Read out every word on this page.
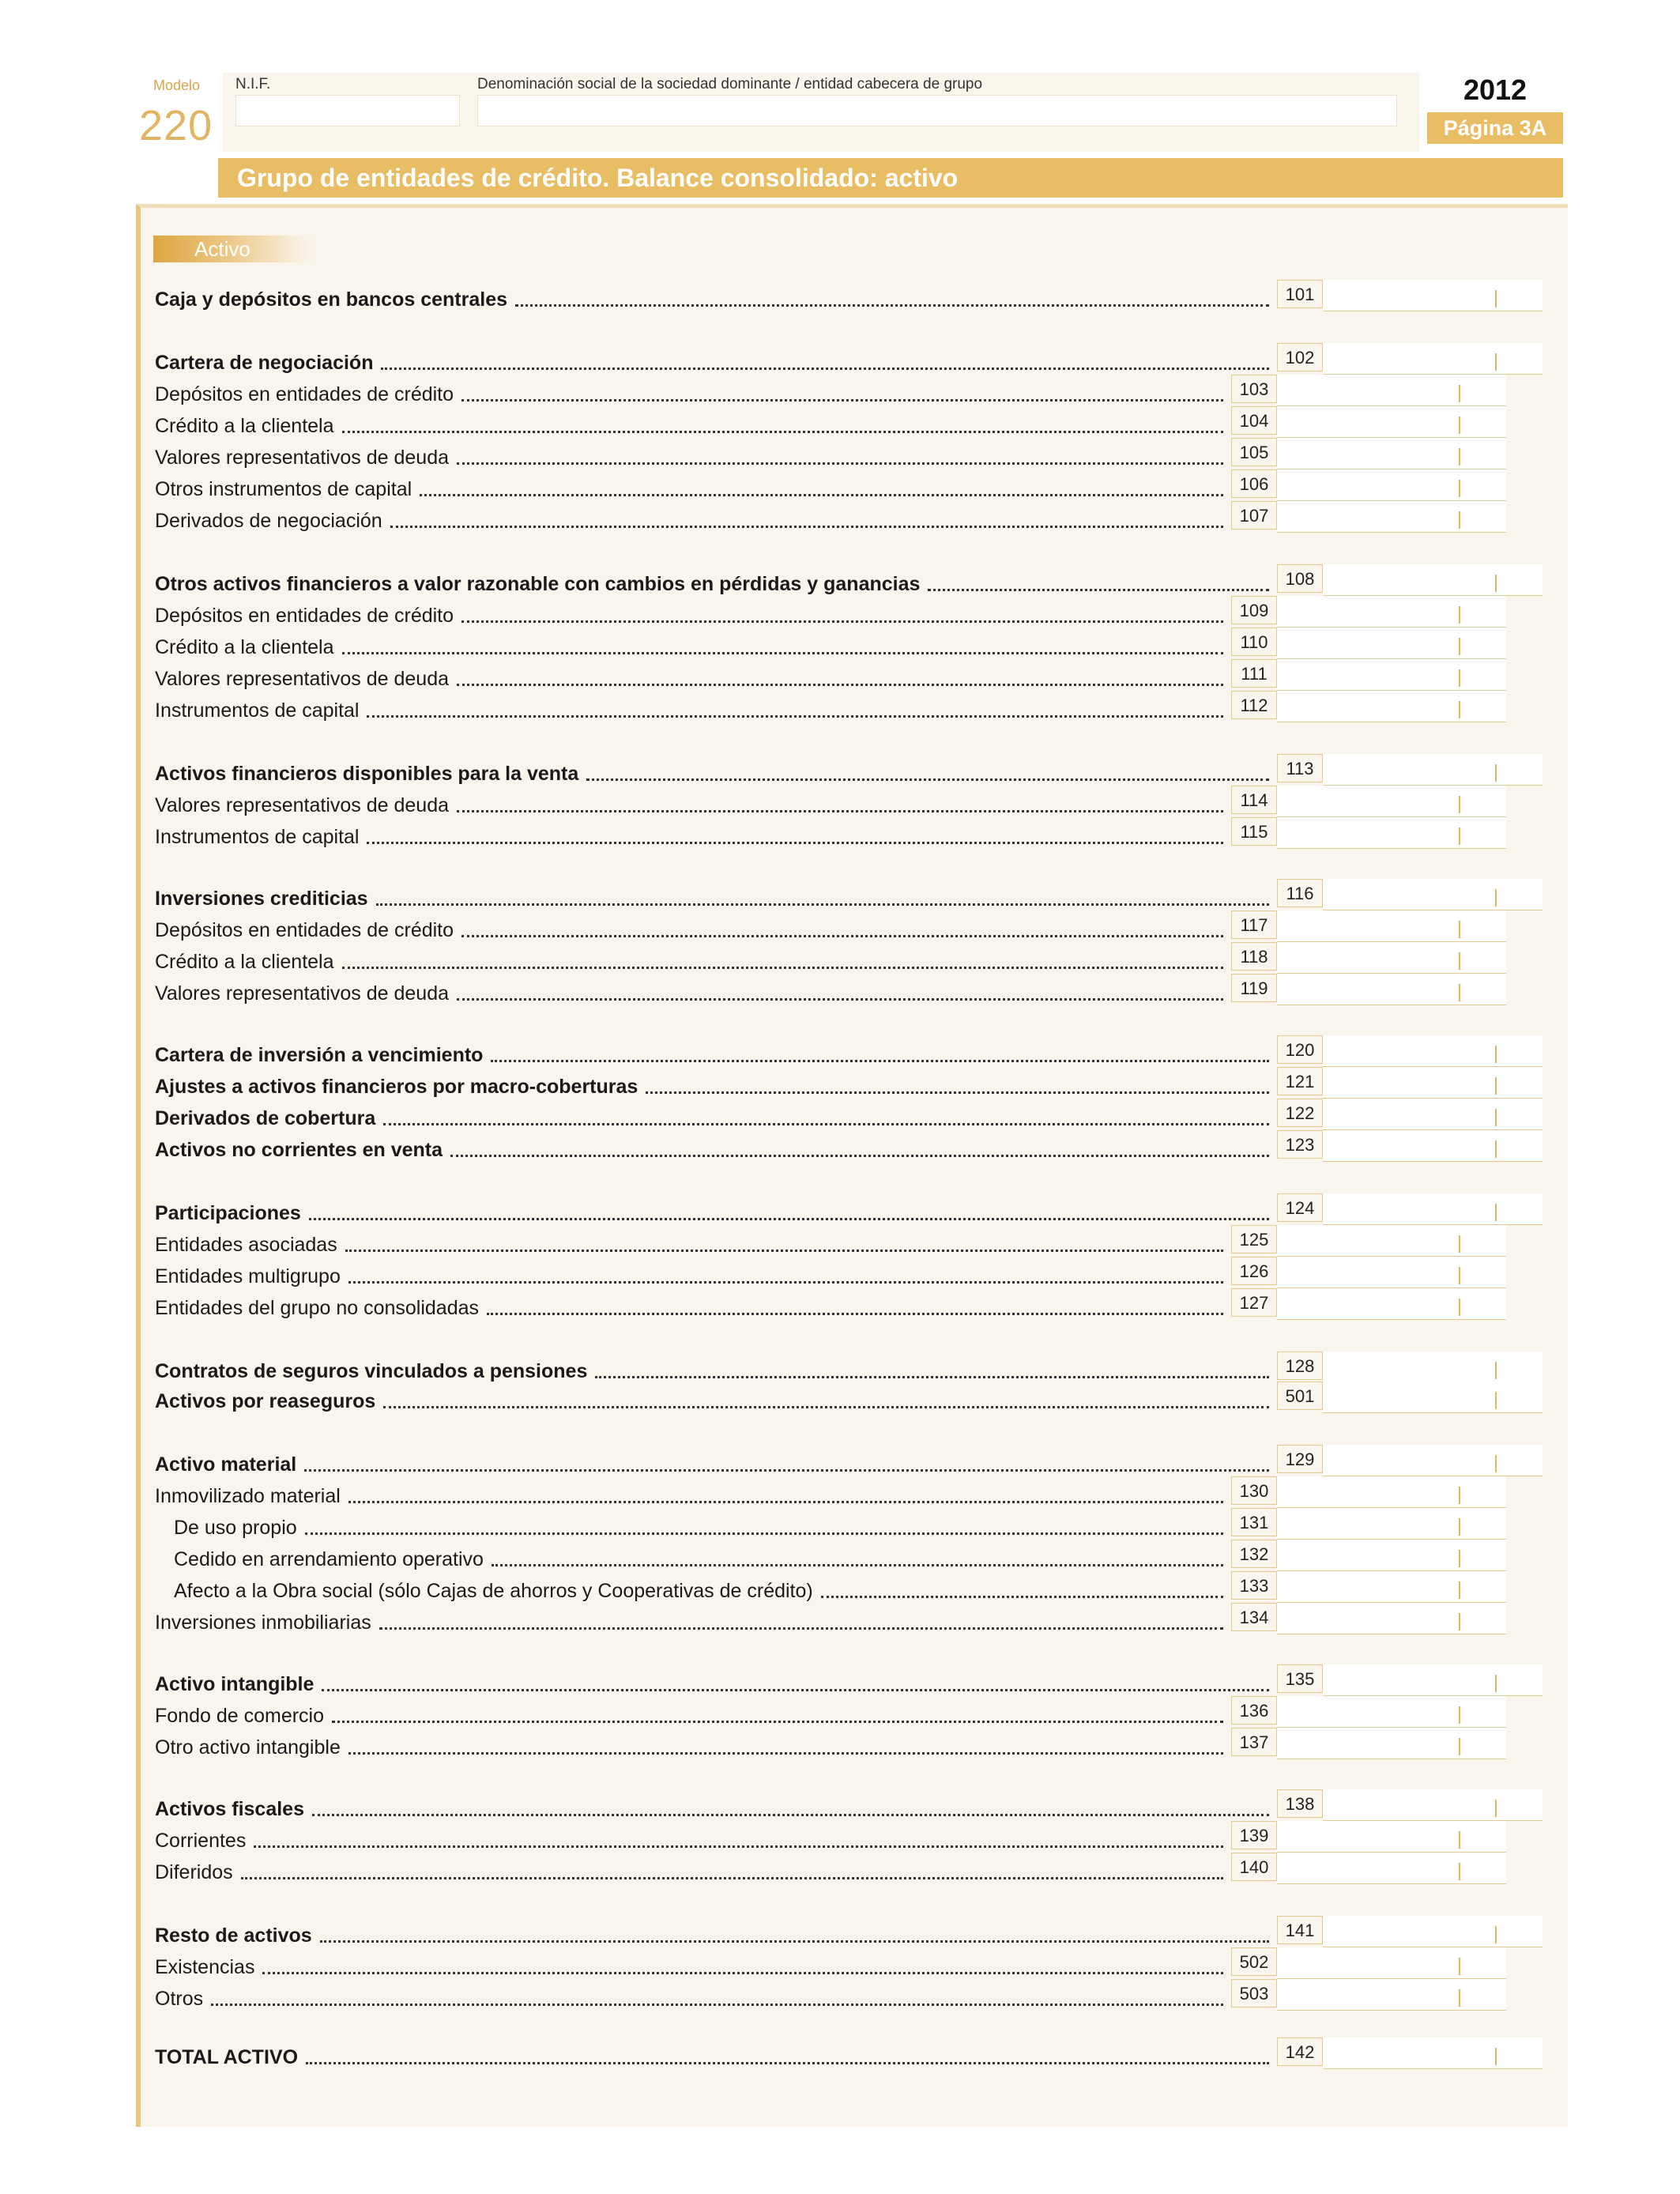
Modelo
220
N.I.F.	Denominación social de la sociedad dominante / entidad cabecera de grupo	2012
Página 3A
Grupo de entidades de crédito. Balance consolidado: activo
Activo
Caja y depósitos en bancos centrales	101
Cartera de negociación	102
Depósitos en entidades de crédito	103
Crédito a la clientela	104
Valores representativos de deuda	105
Otros instrumentos de capital	106
Derivados de negociación	107
Otros activos financieros a valor razonable con cambios en pérdidas y ganancias	108
Depósitos en entidades de crédito	109
Crédito a la clientela	110
Valores representativos de deuda	111
Instrumentos de capital	112
Activos financieros disponibles para la venta	113
Valores representativos de deuda	114
Instrumentos de capital	115
Inversiones crediticias	116
Depósitos en entidades de crédito	117
Crédito a la clientela	118
Valores representativos de deuda	119
Cartera de inversión a vencimiento	120
Ajustes a activos financieros por macro-coberturas	121
Derivados de cobertura	122
Activos no corrientes en venta	123
Participaciones	124
Entidades asociadas	125
Entidades multigrupo	126
Entidades del grupo no consolidadas	127
Contratos de seguros vinculados a pensiones	128
Activos por reaseguros	501
Activo material	129
Inmovilizado material	130
De uso propio	131
Cedido en arrendamiento operativo	132
Afecto a la Obra social (sólo Cajas de ahorros y Cooperativas de crédito)	133
Inversiones inmobiliarias	134
Activo intangible	135
Fondo de comercio	136
Otro activo intangible	137
Activos fiscales	138
Corrientes	139
Diferidos	140
Resto de activos	141
Existencias	502
Otros	503
TOTAL ACTIVO	142
